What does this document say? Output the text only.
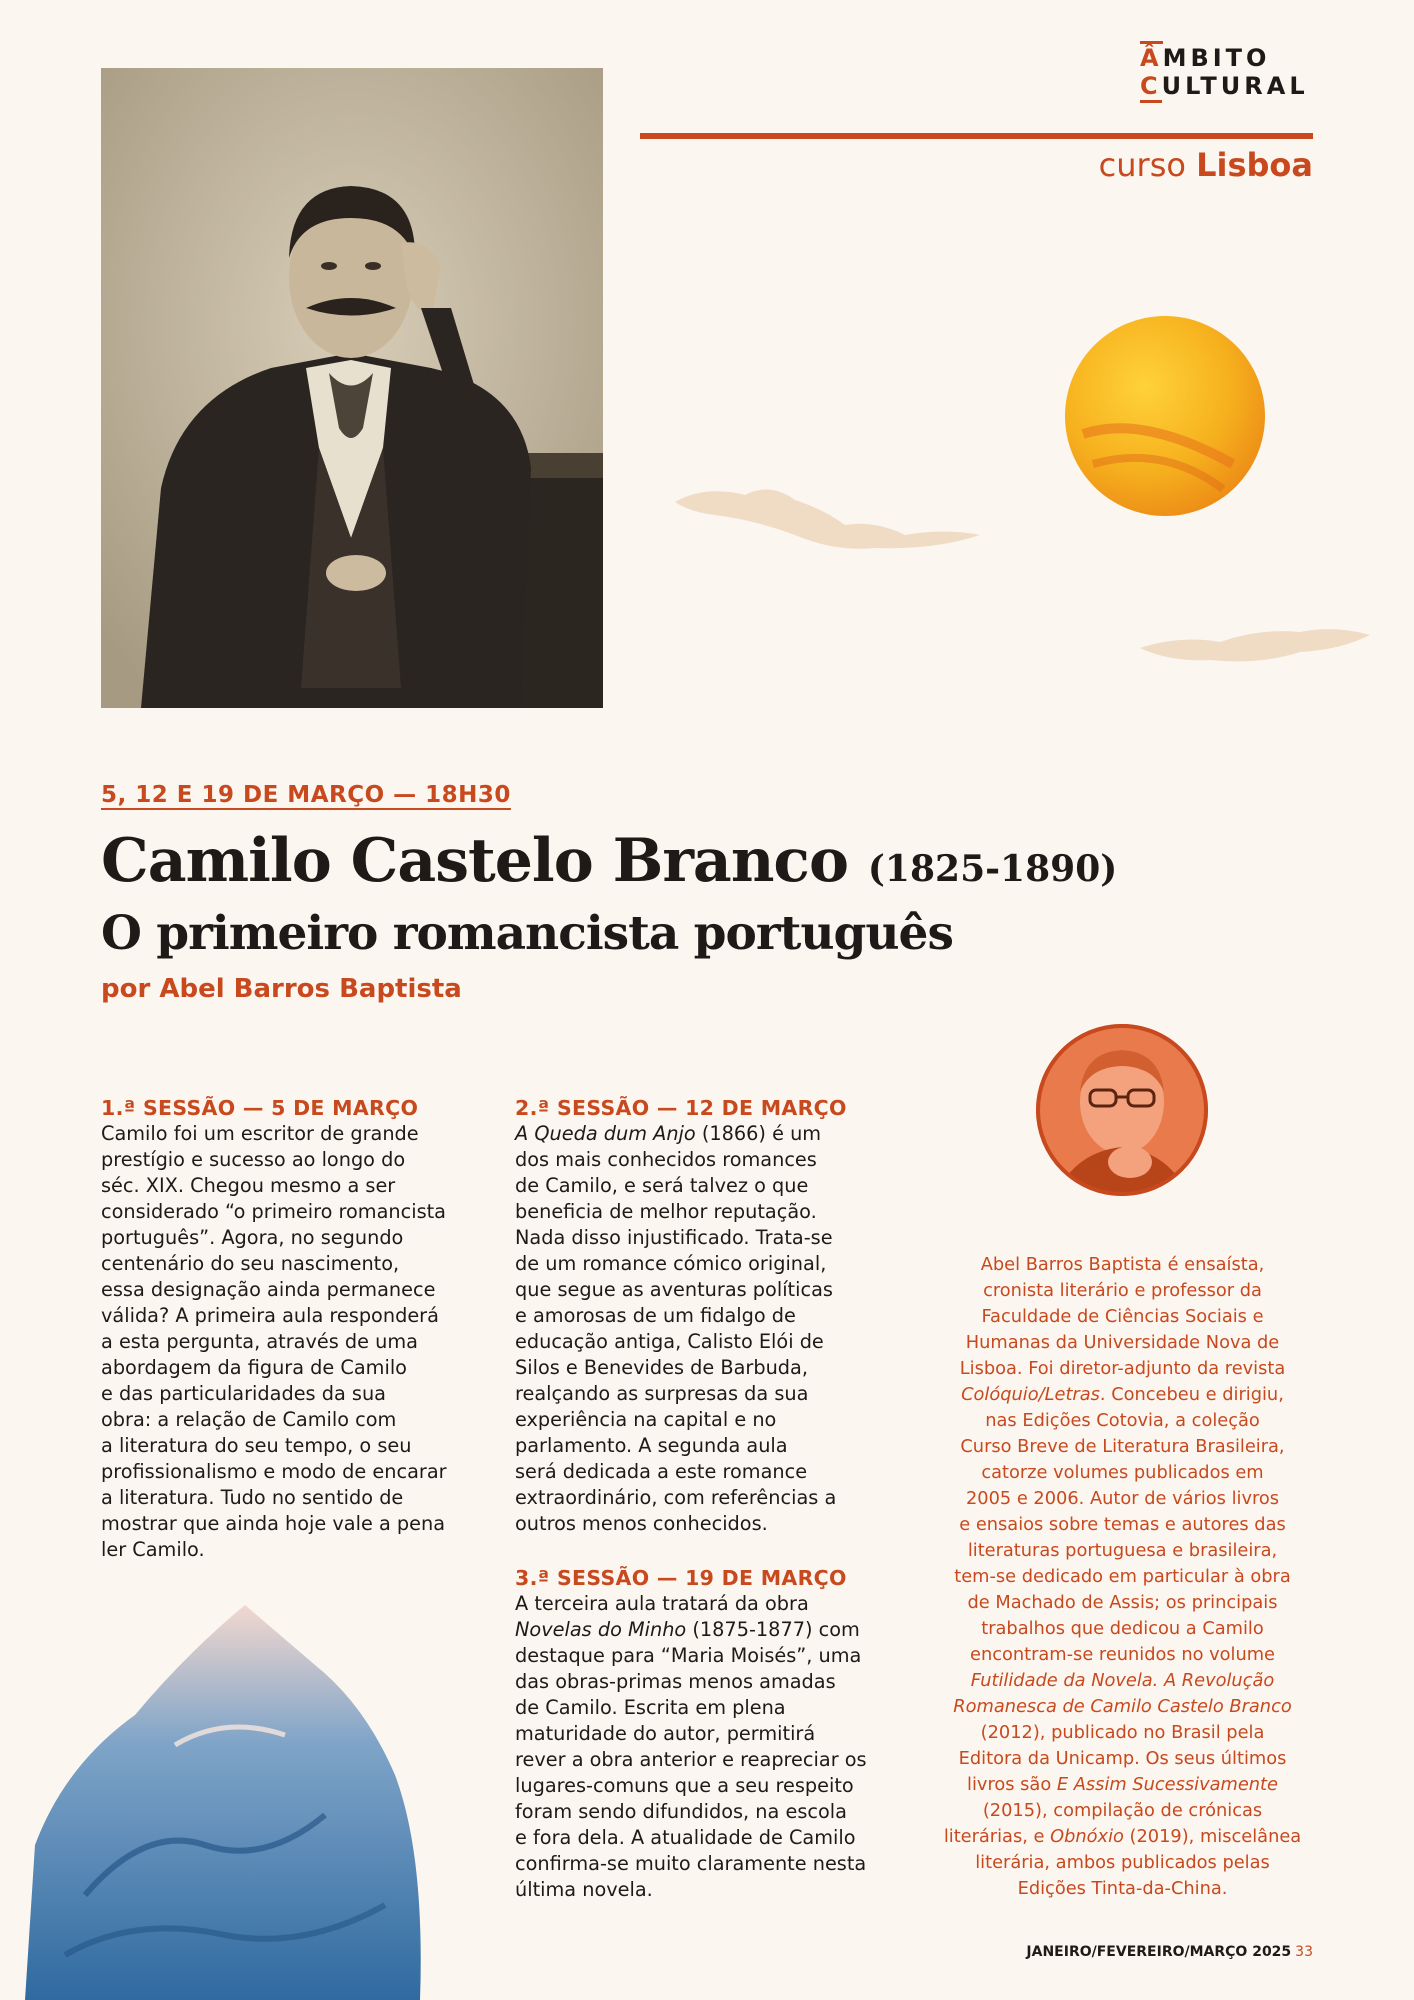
ÂMBITO
CULTURAL
curso Lisboa
5, 12 E 19 DE MARÇO — 18H30
Camilo Castelo Branco (1825-1890)
O primeiro romancista português
por Abel Barros Baptista
1.ª SESSÃO — 5 DE MARÇO

Camilo foi um escritor de grande
prestígio e sucesso ao longo do
séc. XIX. Chegou mesmo a ser
considerado “o primeiro romancista
português”. Agora, no segundo
centenário do seu nascimento,
essa designação ainda permanece
válida? A primeira aula responderá
a esta pergunta, através de uma
abordagem da figura de Camilo
e das particularidades da sua
obra: a relação de Camilo com
a literatura do seu tempo, o seu
profissionalismo e modo de encarar
a literatura. Tudo no sentido de
mostrar que ainda hoje vale a pena
ler Camilo.

2.ª SESSÃO — 12 DE MARÇO

A Queda dum Anjo (1866) é um
dos mais conhecidos romances
de Camilo, e será talvez o que
beneficia de melhor reputação.
Nada disso injustificado. Trata-se
de um romance cómico original,
que segue as aventuras políticas
e amorosas de um fidalgo de
educação antiga, Calisto Elói de
Silos e Benevides de Barbuda,
realçando as surpresas da sua
experiência na capital e no
parlamento. A segunda aula
será dedicada a este romance
extraordinário, com referências a
outros menos conhecidos.

3.ª SESSÃO — 19 DE MARÇO

A terceira aula tratará da obra
Novelas do Minho (1875-1877) com
destaque para “Maria Moisés”, uma
das obras-primas menos amadas
de Camilo. Escrita em plena
maturidade do autor, permitirá
rever a obra anterior e reapreciar os
lugares-comuns que a seu respeito
foram sendo difundidos, na escola
e fora dela. A atualidade de Camilo
confirma-se muito claramente nesta
última novela.

Abel Barros Baptista é ensaísta,
cronista literário e professor da
Faculdade de Ciências Sociais e
Humanas da Universidade Nova de
Lisboa. Foi diretor-adjunto da revista
Colóquio/Letras. Concebeu e dirigiu,
nas Edições Cotovia, a coleção
Curso Breve de Literatura Brasileira,
catorze volumes publicados em
2005 e 2006. Autor de vários livros
e ensaios sobre temas e autores das
literaturas portuguesa e brasileira,
tem-se dedicado em particular à obra
de Machado de Assis; os principais
trabalhos que dedicou a Camilo
encontram-se reunidos no volume
Futilidade da Novela. A Revolução
Romanesca de Camilo Castelo Branco
(2012), publicado no Brasil pela
Editora da Unicamp. Os seus últimos
livros são E Assim Sucessivamente
(2015), compilação de crónicas
literárias, e Obnóxio (2019), miscelânea
literária, ambos publicados pelas
Edições Tinta-da-China.
JANEIRO/FEVEREIRO/MARÇO 2025 33
